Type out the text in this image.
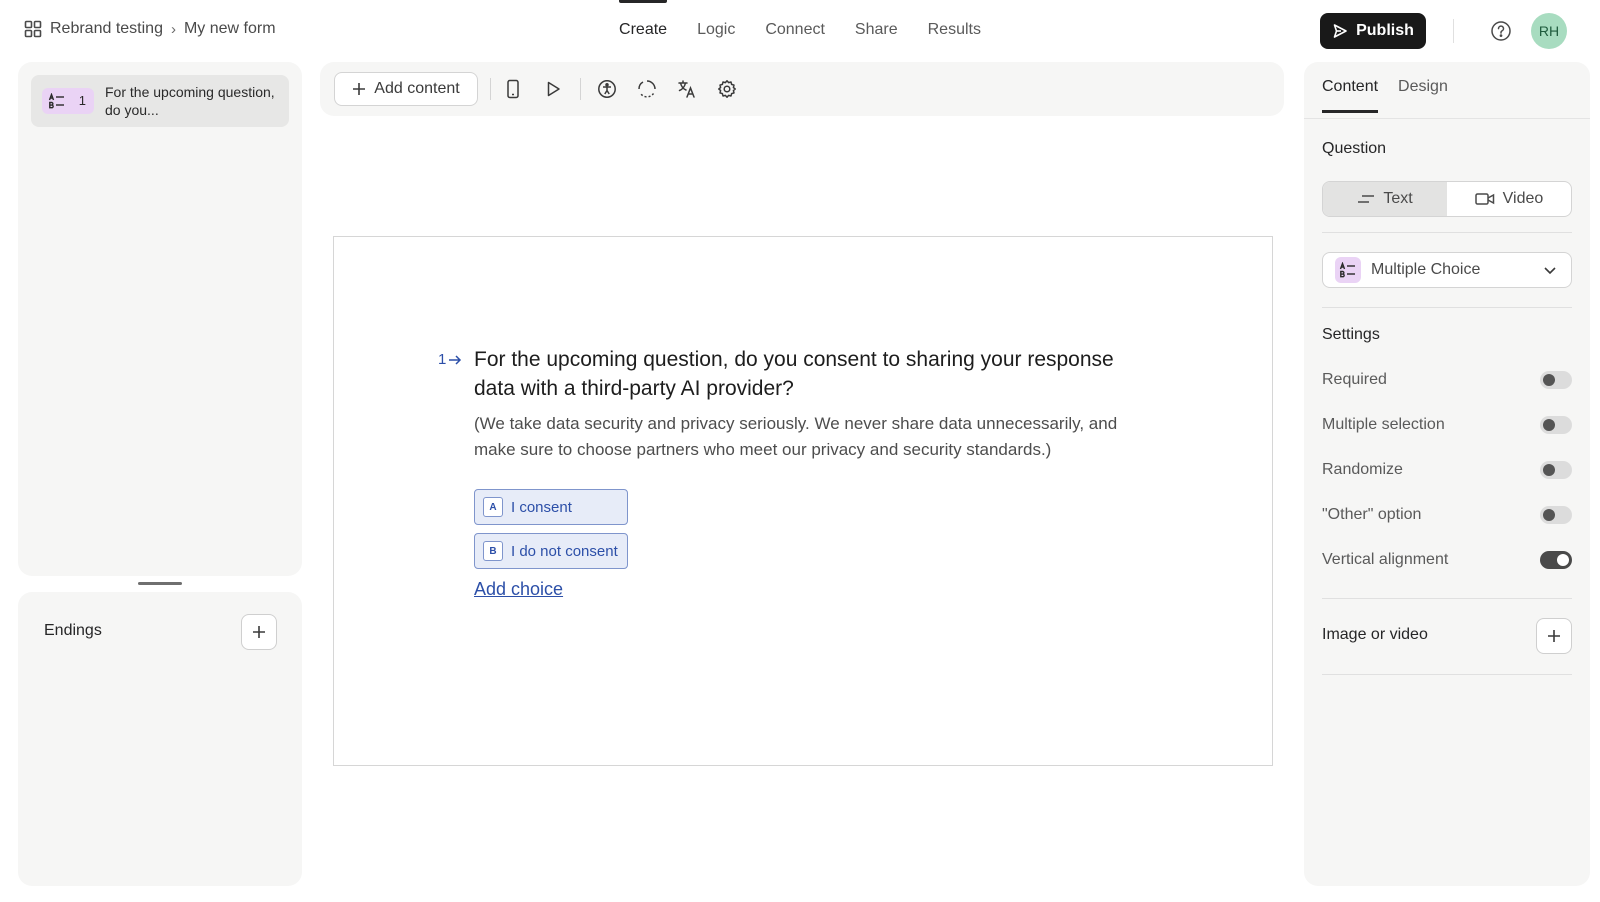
Rebrand testing › My new form	Create Logic Connect Share Results	Publish	RH
1
For the upcoming question, do you...
Endings
Add content
1 For the upcoming question, do you consent to sharing your response data with a third-party AI provider?
(We take data security and privacy seriously. We never share data unnecessarily, and make sure to choose partners who meet our privacy and security standards.)
A I consent
B I do not consent
Add choice
Content Design
Question
Text	Video
Multiple Choice
Settings
Required
Multiple selection
Randomize
"Other" option
Vertical alignment
Image or video
